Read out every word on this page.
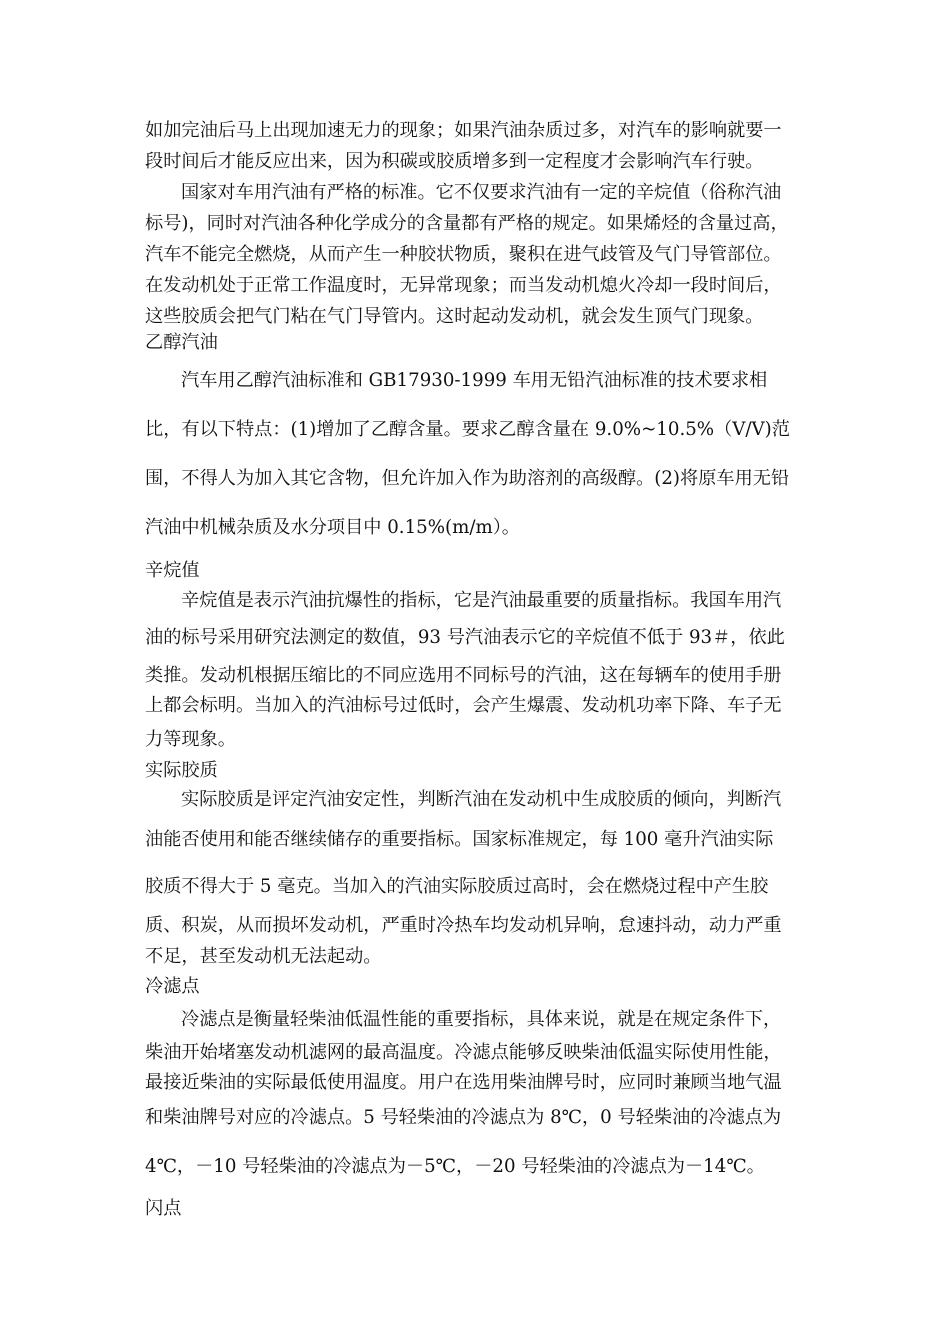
如加完油后马上出现加速无力的现象；如果汽油杂质过多，对汽车的影响就要一
段时间后才能反应出来，因为积碳或胶质增多到一定程度才会影响汽车行驶。
国家对车用汽油有严格的标准。它不仅要求汽油有一定的辛烷值（俗称汽油
标号)，同时对汽油各种化学成分的含量都有严格的规定。如果烯烃的含量过高，
汽车不能完全燃烧，从而产生一种胶状物质，聚积在进气歧管及气门导管部位。
在发动机处于正常工作温度时，无异常现象；而当发动机熄火冷却一段时间后，
这些胶质会把气门粘在气门导管内。这时起动发动机，就会发生顶气门现象。
乙醇汽油
汽车用乙醇汽油标准和 GB17930-1999 车用无铅汽油标准的技术要求相
比，有以下特点：(1)增加了乙醇含量。要求乙醇含量在 9.0%~10.5%（V/V)范
围，不得人为加入其它含物，但允许加入作为助溶剂的高级醇。(2)将原车用无铅
汽油中机械杂质及水分项目中 0.15%(m/m）。
辛烷值
辛烷值是表示汽油抗爆性的指标，它是汽油最重要的质量指标。我国车用汽
油的标号采用研究法测定的数值，93 号汽油表示它的辛烷值不低于 93＃，依此
类推。发动机根据压缩比的不同应选用不同标号的汽油，这在每辆车的使用手册
上都会标明。当加入的汽油标号过低时，会产生爆震、发动机功率下降、车子无
力等现象。
实际胶质
实际胶质是评定汽油安定性，判断汽油在发动机中生成胶质的倾向，判断汽
油能否使用和能否继续储存的重要指标。国家标准规定，每 100 毫升汽油实际
胶质不得大于 5 毫克。当加入的汽油实际胶质过高时，会在燃烧过程中产生胶
质、积炭，从而损坏发动机，严重时冷热车均发动机异响，怠速抖动，动力严重
不足，甚至发动机无法起动。
冷滤点
冷滤点是衡量轻柴油低温性能的重要指标，具体来说，就是在规定条件下，
柴油开始堵塞发动机滤网的最高温度。冷滤点能够反映柴油低温实际使用性能，
最接近柴油的实际最低使用温度。用户在选用柴油牌号时，应同时兼顾当地气温
和柴油牌号对应的冷滤点。5 号轻柴油的冷滤点为 8℃，0 号轻柴油的冷滤点为
4℃，－10 号轻柴油的冷滤点为－5℃，－20 号轻柴油的冷滤点为－14℃。
闪点
